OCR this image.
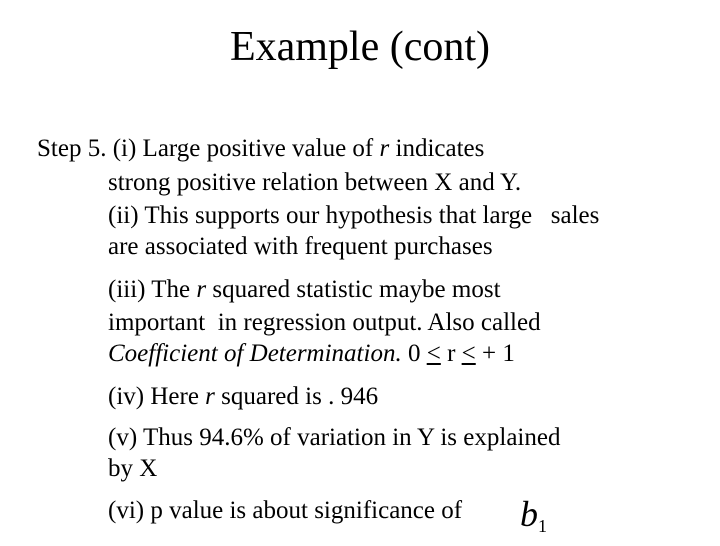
Example (cont)
Step 5. (i) Large positive value of r indicates
strong positive relation between X and Y.
(ii) This supports our hypothesis that large   sales
are associated with frequent purchases
(iii) The r squared statistic maybe most
important  in regression output. Also called
Coefficient of Determination. 0 < r < + 1
(iv) Here r squared is . 946
(v) Thus 94.6% of variation in Y is explained
by X
(vi) p value is about significance of $b_1$
